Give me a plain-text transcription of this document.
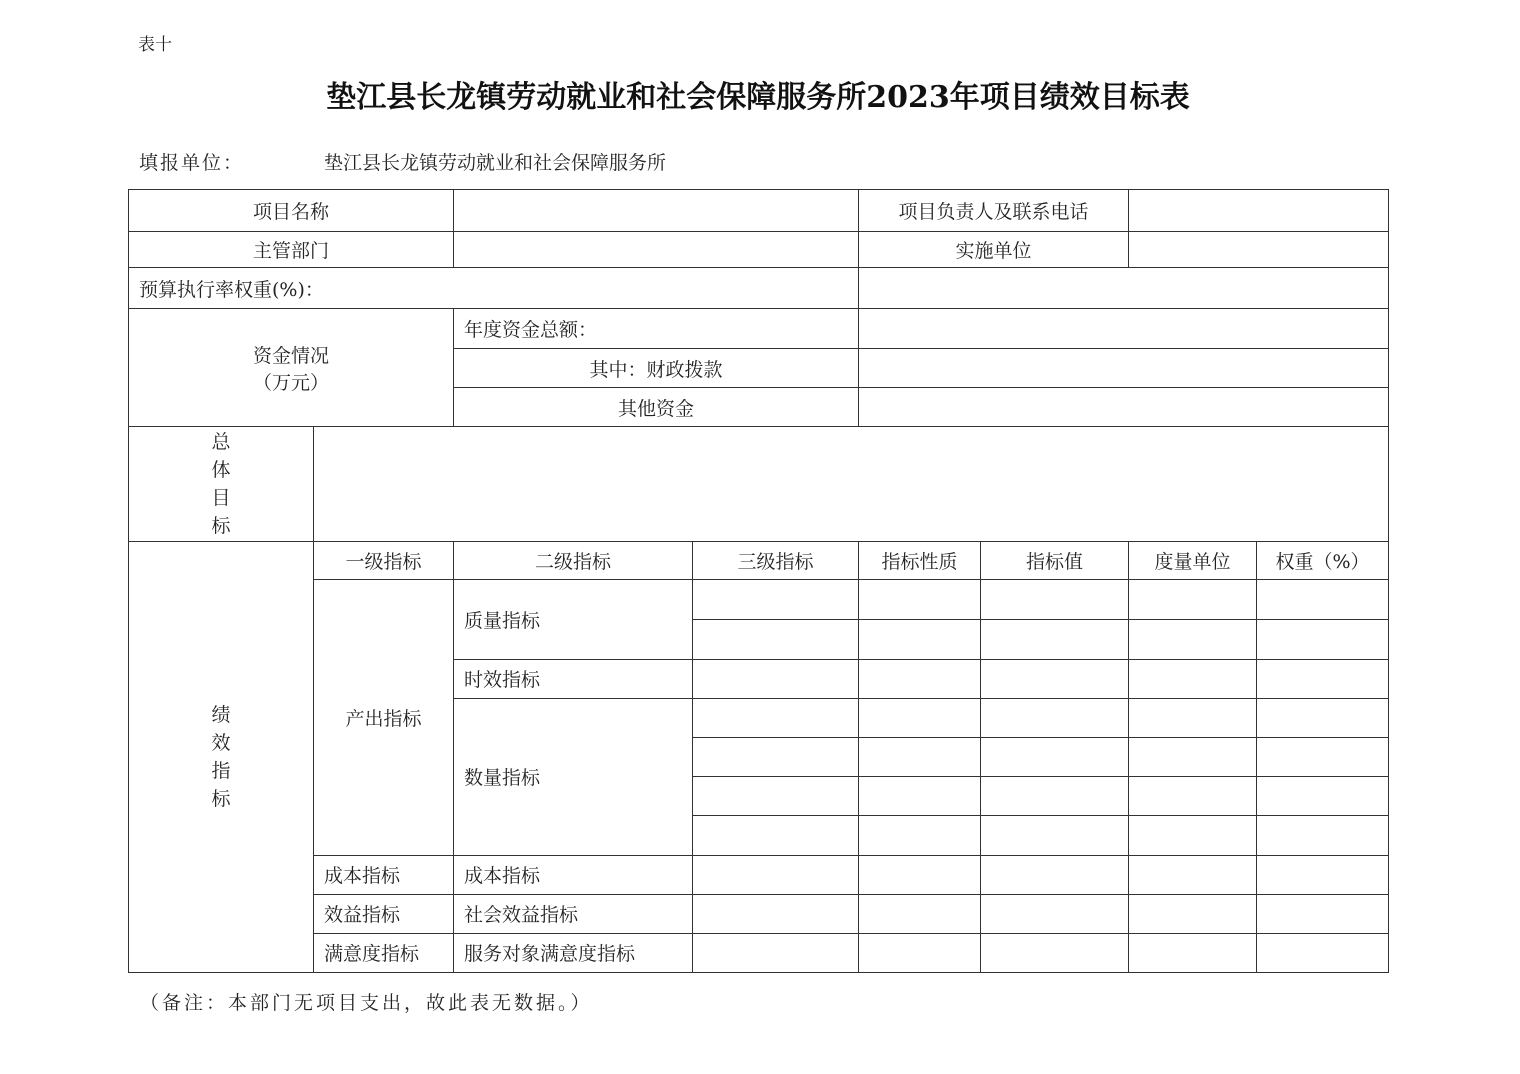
表十
垫江县长龙镇劳动就业和社会保障服务所2023年项目绩效目标表
填报单位：	垫江县长龙镇劳动就业和社会保障服务所
项目名称				项目负责人及联系电话			
主管部门				实施单位			
预算执行率权重(%)：							

资金情况
（万元）		年度资金总额：					
		其中：财政拨款					
		其他资金					

总
体
目
标							

绩
效
指
标	一级指标	二级指标	三级指标	指标性质	指标值	度量单位	权重（%）
	产出指标	质量指标					

		时效指标					
		数量指标					

	成本指标	成本指标					
	效益指标	社会效益指标					
	满意度指标	服务对象满意度指标					
（备注：本部门无项目支出，故此表无数据。）
